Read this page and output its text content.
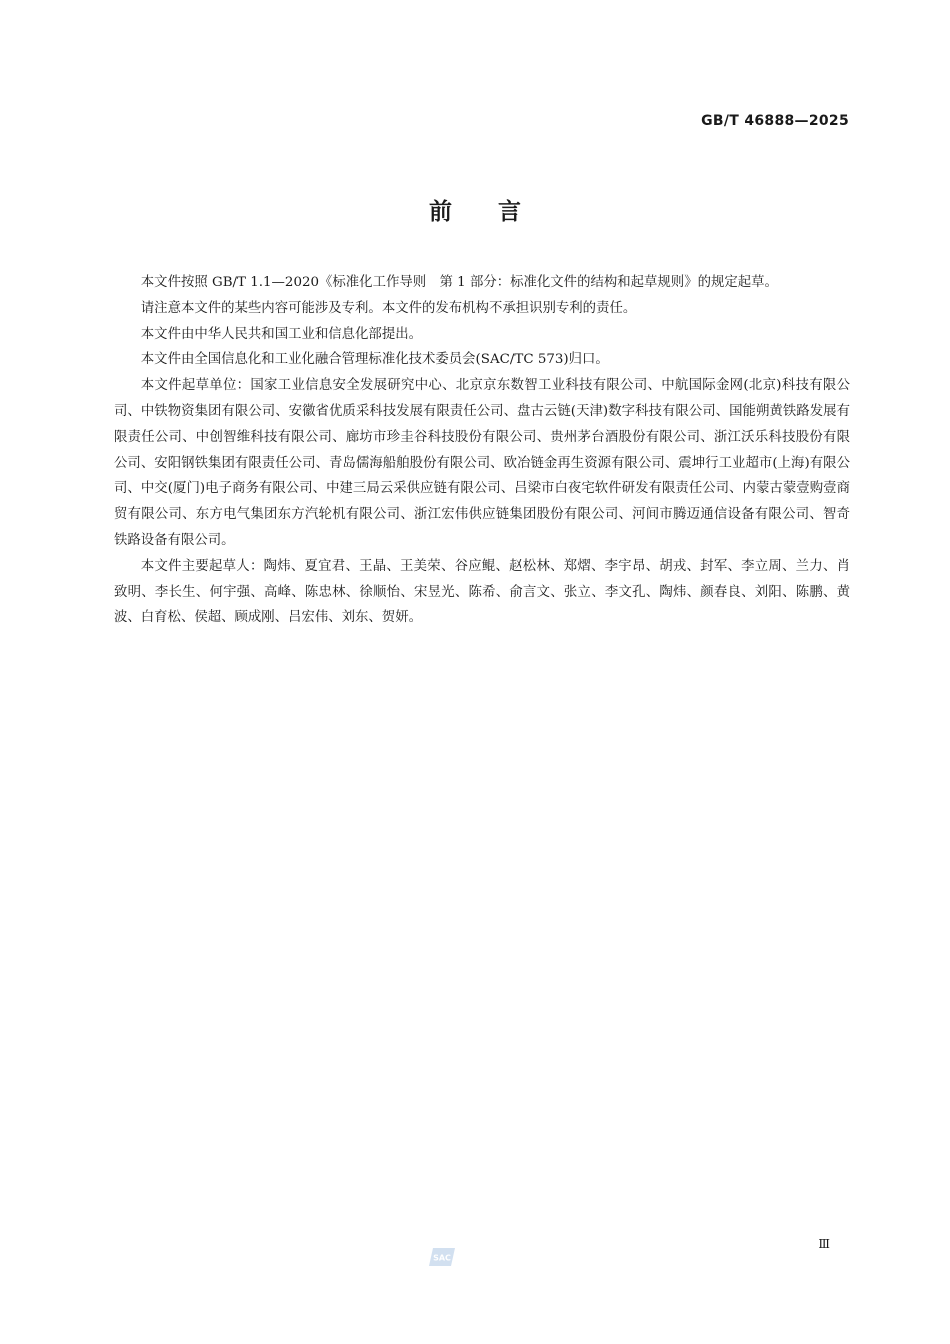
GB/T 46888—2025
前言

本文件按照 GB/T 1.1—2020《标准化工作导则　第 1 部分：标准化文件的结构和起草规则》的规定起草。

请注意本文件的某些内容可能涉及专利。本文件的发布机构不承担识别专利的责任。

本文件由中华人民共和国工业和信息化部提出。

本文件由全国信息化和工业化融合管理标准化技术委员会(SAC/TC 573)归口。

本文件起草单位：国家工业信息安全发展研究中心、北京京东数智工业科技有限公司、中航国际金网(北京)科技有限公司、中铁物资集团有限公司、安徽省优质采科技发展有限责任公司、盘古云链(天津)数字科技有限公司、国能朔黄铁路发展有限责任公司、中创智维科技有限公司、廊坊市珍圭谷科技股份有限公司、贵州茅台酒股份有限公司、浙江沃乐科技股份有限公司、安阳钢铁集团有限责任公司、青岛儒海船舶股份有限公司、欧冶链金再生资源有限公司、震坤行工业超市(上海)有限公司、中交(厦门)电子商务有限公司、中建三局云采供应链有限公司、吕梁市白夜宅软件研发有限责任公司、内蒙古蒙壹购壹商贸有限公司、东方电气集团东方汽轮机有限公司、浙江宏伟供应链集团股份有限公司、河间市腾迈通信设备有限公司、智奇铁路设备有限公司。

本文件主要起草人：陶炜、夏宜君、王晶、王美荣、谷应鲲、赵松林、郑熠、李宇昂、胡戎、封军、李立周、兰力、肖致明、李长生、何宇强、高峰、陈忠林、徐顺怡、宋昱光、陈希、俞言文、张立、李文孔、陶炜、颜春良、刘阳、陈鹏、黄波、白育松、侯超、顾成刚、吕宏伟、刘东、贺妍。

Ⅲ
SAC
